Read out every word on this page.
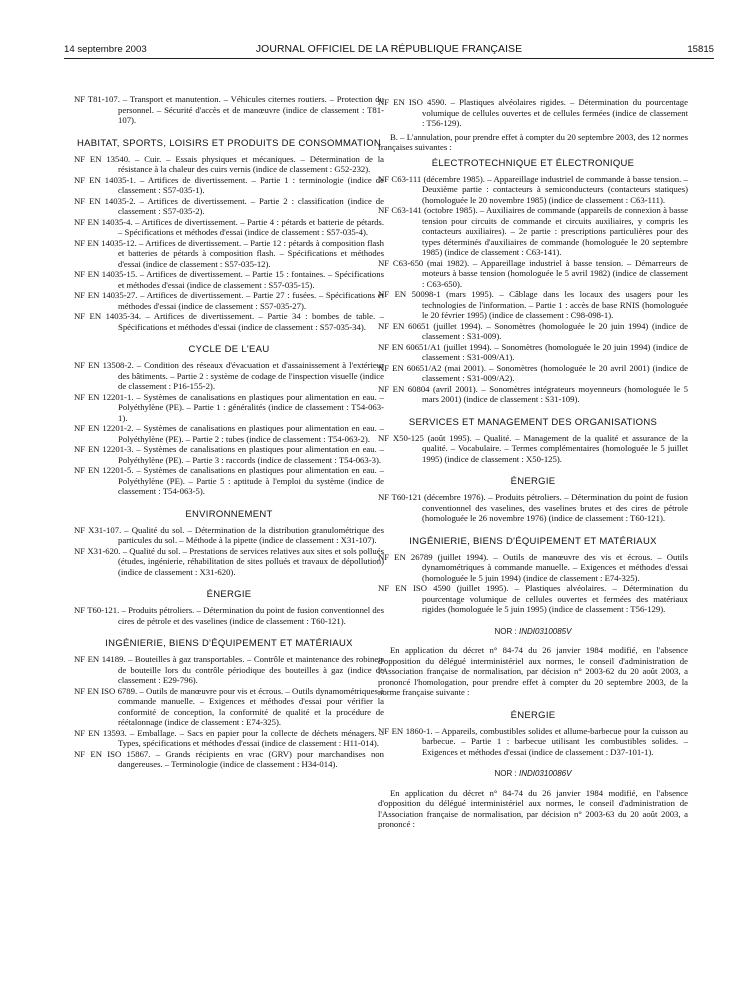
14 septembre 2003	JOURNAL OFFICIEL DE LA RÉPUBLIQUE FRANÇAISE	15815

NF T81-107. – Transport et manutention. – Véhicules citernes routiers. – Protection du personnel. – Sécurité d'accès et de manœuvre (indice de classement : T81-107).

HABITAT, SPORTS, LOISIRS ET PRODUITS DE CONSOMMATION

NF EN 13540. – Cuir. – Essais physiques et mécaniques. – Détermination de la résistance à la chaleur des cuirs vernis (indice de classement : G52-232).

NF EN 14035-1. – Artifices de divertissement. – Partie 1 : terminologie (indice de classement : S57-035-1).

NF EN 14035-2. – Artifices de divertissement. – Partie 2 : classification (indice de classement : S57-035-2).

NF EN 14035-4. – Artifices de divertissement. – Partie 4 : pétards et batterie de pétards. – Spécifications et méthodes d'essai (indice de classement : S57-035-4).

NF EN 14035-12. – Artifices de divertissement. – Partie 12 : pétards à composition flash et batteries de pétards à composition flash. – Spécifications et méthodes d'essai (indice de classement : S57-035-12).

NF EN 14035-15. – Artifices de divertissement. – Partie 15 : fontaines. – Spécifications et méthodes d'essai (indice de classement : S57-035-15).

NF EN 14035-27. – Artifices de divertissement. – Partie 27 : fusées. – Spécifications et méthodes d'essai (indice de classement : S57-035-27).

NF EN 14035-34. – Artifices de divertissement. – Partie 34 : bombes de table. – Spécifications et méthodes d'essai (indice de classement : S57-035-34).

CYCLE DE L'EAU

NF EN 13508-2. – Condition des réseaux d'évacuation et d'assainissement à l'extérieur des bâtiments. – Partie 2 : système de codage de l'inspection visuelle (indice de classement : P16-155-2).

NF EN 12201-1. – Systèmes de canalisations en plastiques pour alimentation en eau. – Polyéthylène (PE). – Partie 1 : généralités (indice de classement : T54-063-1).

NF EN 12201-2. – Systèmes de canalisations en plastiques pour alimentation en eau. – Polyéthylène (PE). – Partie 2 : tubes (indice de classement : T54-063-2).

NF EN 12201-3. – Systèmes de canalisations en plastiques pour alimentation en eau. – Polyéthylène (PE). – Partie 3 : raccords (indice de classement : T54-063-3).

NF EN 12201-5. – Systèmes de canalisations en plastiques pour alimentation en eau. – Polyéthylène (PE). – Partie 5 : aptitude à l'emploi du système (indice de classement : T54-063-5).

ENVIRONNEMENT

NF X31-107. – Qualité du sol. – Détermination de la distribution granulométrique des particules du sol. – Méthode à la pipette (indice de classement : X31-107).

NF X31-620. – Qualité du sol. – Prestations de services relatives aux sites et sols pollués (études, ingénierie, réhabilitation de sites pollués et travaux de dépollution) (indice de classement : X31-620).

ÉNERGIE

NF T60-121. – Produits pétroliers. – Détermination du point de fusion conventionnel des cires de pétrole et des vaselines (indice de classement : T60-121).

INGÉNIERIE, BIENS D'ÉQUIPEMENT ET MATÉRIAUX

NF EN 14189. – Bouteilles à gaz transportables. – Contrôle et maintenance des robinets de bouteille lors du contrôle périodique des bouteilles à gaz (indice de classement : E29-796).

NF EN ISO 6789. – Outils de manœuvre pour vis et écrous. – Outils dynamométriques à commande manuelle. – Exigences et méthodes d'essai pour vérifier la conformité de conception, la conformité de qualité et la procédure de réétalonnage (indice de classement : E74-325).

NF EN 13593. – Emballage. – Sacs en papier pour la collecte de déchets ménagers. – Types, spécifications et méthodes d'essai (indice de classement : H11-014).

NF EN ISO 15867. – Grands récipients en vrac (GRV) pour marchandises non dangereuses. – Terminologie (indice de classement : H34-014).

NF EN ISO 4590. – Plastiques alvéolaires rigides. – Détermination du pourcentage volumique de cellules ouvertes et de cellules fermées (indice de classement : T56-129).

B. – L'annulation, pour prendre effet à compter du 20 septembre 2003, des 12 normes françaises suivantes :

ÉLECTROTECHNIQUE ET ÉLECTRONIQUE

NF C63-111 (décembre 1985). – Appareillage industriel de commande à basse tension. – Deuxième partie : contacteurs à semiconducteurs (contacteurs statiques) (homologuée le 20 novembre 1985) (indice de classement : C63-111).

NF C63-141 (octobre 1985). – Auxiliaires de commande (appareils de connexion à basse tension pour circuits de commande et circuits auxiliaires, y compris les contacteurs auxiliaires). – 2e partie : prescriptions particulières pour des types déterminés d'auxiliaires de commande (homologuée le 20 septembre 1985) (indice de classement : C63-141).

NF C63-650 (mai 1982). – Appareillage industriel à basse tension. – Démarreurs de moteurs à basse tension (homologuée le 5 avril 1982) (indice de classement : C63-650).

NF EN 50098-1 (mars 1995). – Câblage dans les locaux des usagers pour les technologies de l'information. – Partie 1 : accès de base RNIS (homologuée le 20 février 1995) (indice de classement : C98-098-1).

NF EN 60651 (juillet 1994). – Sonomètres (homologuée le 20 juin 1994) (indice de classement : S31-009).

NF EN 60651/A1 (juillet 1994). – Sonomètres (homologuée le 20 juin 1994) (indice de classement : S31-009/A1).

NF EN 60651/A2 (mai 2001). – Sonomètres (homologuée le 20 avril 2001) (indice de classement : S31-009/A2).

NF EN 60804 (avril 2001). – Sonomètres intégrateurs moyenneurs (homologuée le 5 mars 2001) (indice de classement : S31-109).

SERVICES ET MANAGEMENT DES ORGANISATIONS

NF X50-125 (août 1995). – Qualité. – Management de la qualité et assurance de la qualité. – Vocabulaire. – Termes complémentaires (homologuée le 5 juillet 1995) (indice de classement : X50-125).

ÉNERGIE

NF T60-121 (décembre 1976). – Produits pétroliers. – Détermination du point de fusion conventionnel des vaselines, des vaselines brutes et des cires de pétrole (homologuée le 26 novembre 1976) (indice de classement : T60-121).

INGÉNIERIE, BIENS D'ÉQUIPEMENT ET MATÉRIAUX

NF EN 26789 (juillet 1994). – Outils de manœuvre des vis et écrous. – Outils dynamométriques à commande manuelle. – Exigences et méthodes d'essai (homologuée le 5 juin 1994) (indice de classement : E74-325).

NF EN ISO 4590 (juillet 1995). – Plastiques alvéolaires. – Détermination du pourcentage volumique de cellules ouvertes et fermées des matériaux rigides (homologuée le 5 juin 1995) (indice de classement : T56-129).

NOR : INDI0310085V

En application du décret n° 84-74 du 26 janvier 1984 modifié, en l'absence d'opposition du délégué interministériel aux normes, le conseil d'administration de l'Association française de normalisation, par décision n° 2003-62 du 20 août 2003, a prononcé l'homologation, pour prendre effet à compter du 20 septembre 2003, de la norme française suivante :

ÉNERGIE

NF EN 1860-1. – Appareils, combustibles solides et allume-barbecue pour la cuisson au barbecue. – Partie 1 : barbecue utilisant les combustibles solides. – Exigences et méthodes d'essai (indice de classement : D37-101-1).

NOR : INDI0310086V

En application du décret n° 84-74 du 26 janvier 1984 modifié, en l'absence d'opposition du délégué interministériel aux normes, le conseil d'administration de l'Association française de normalisation, par décision n° 2003-63 du 20 août 2003, a prononcé :
